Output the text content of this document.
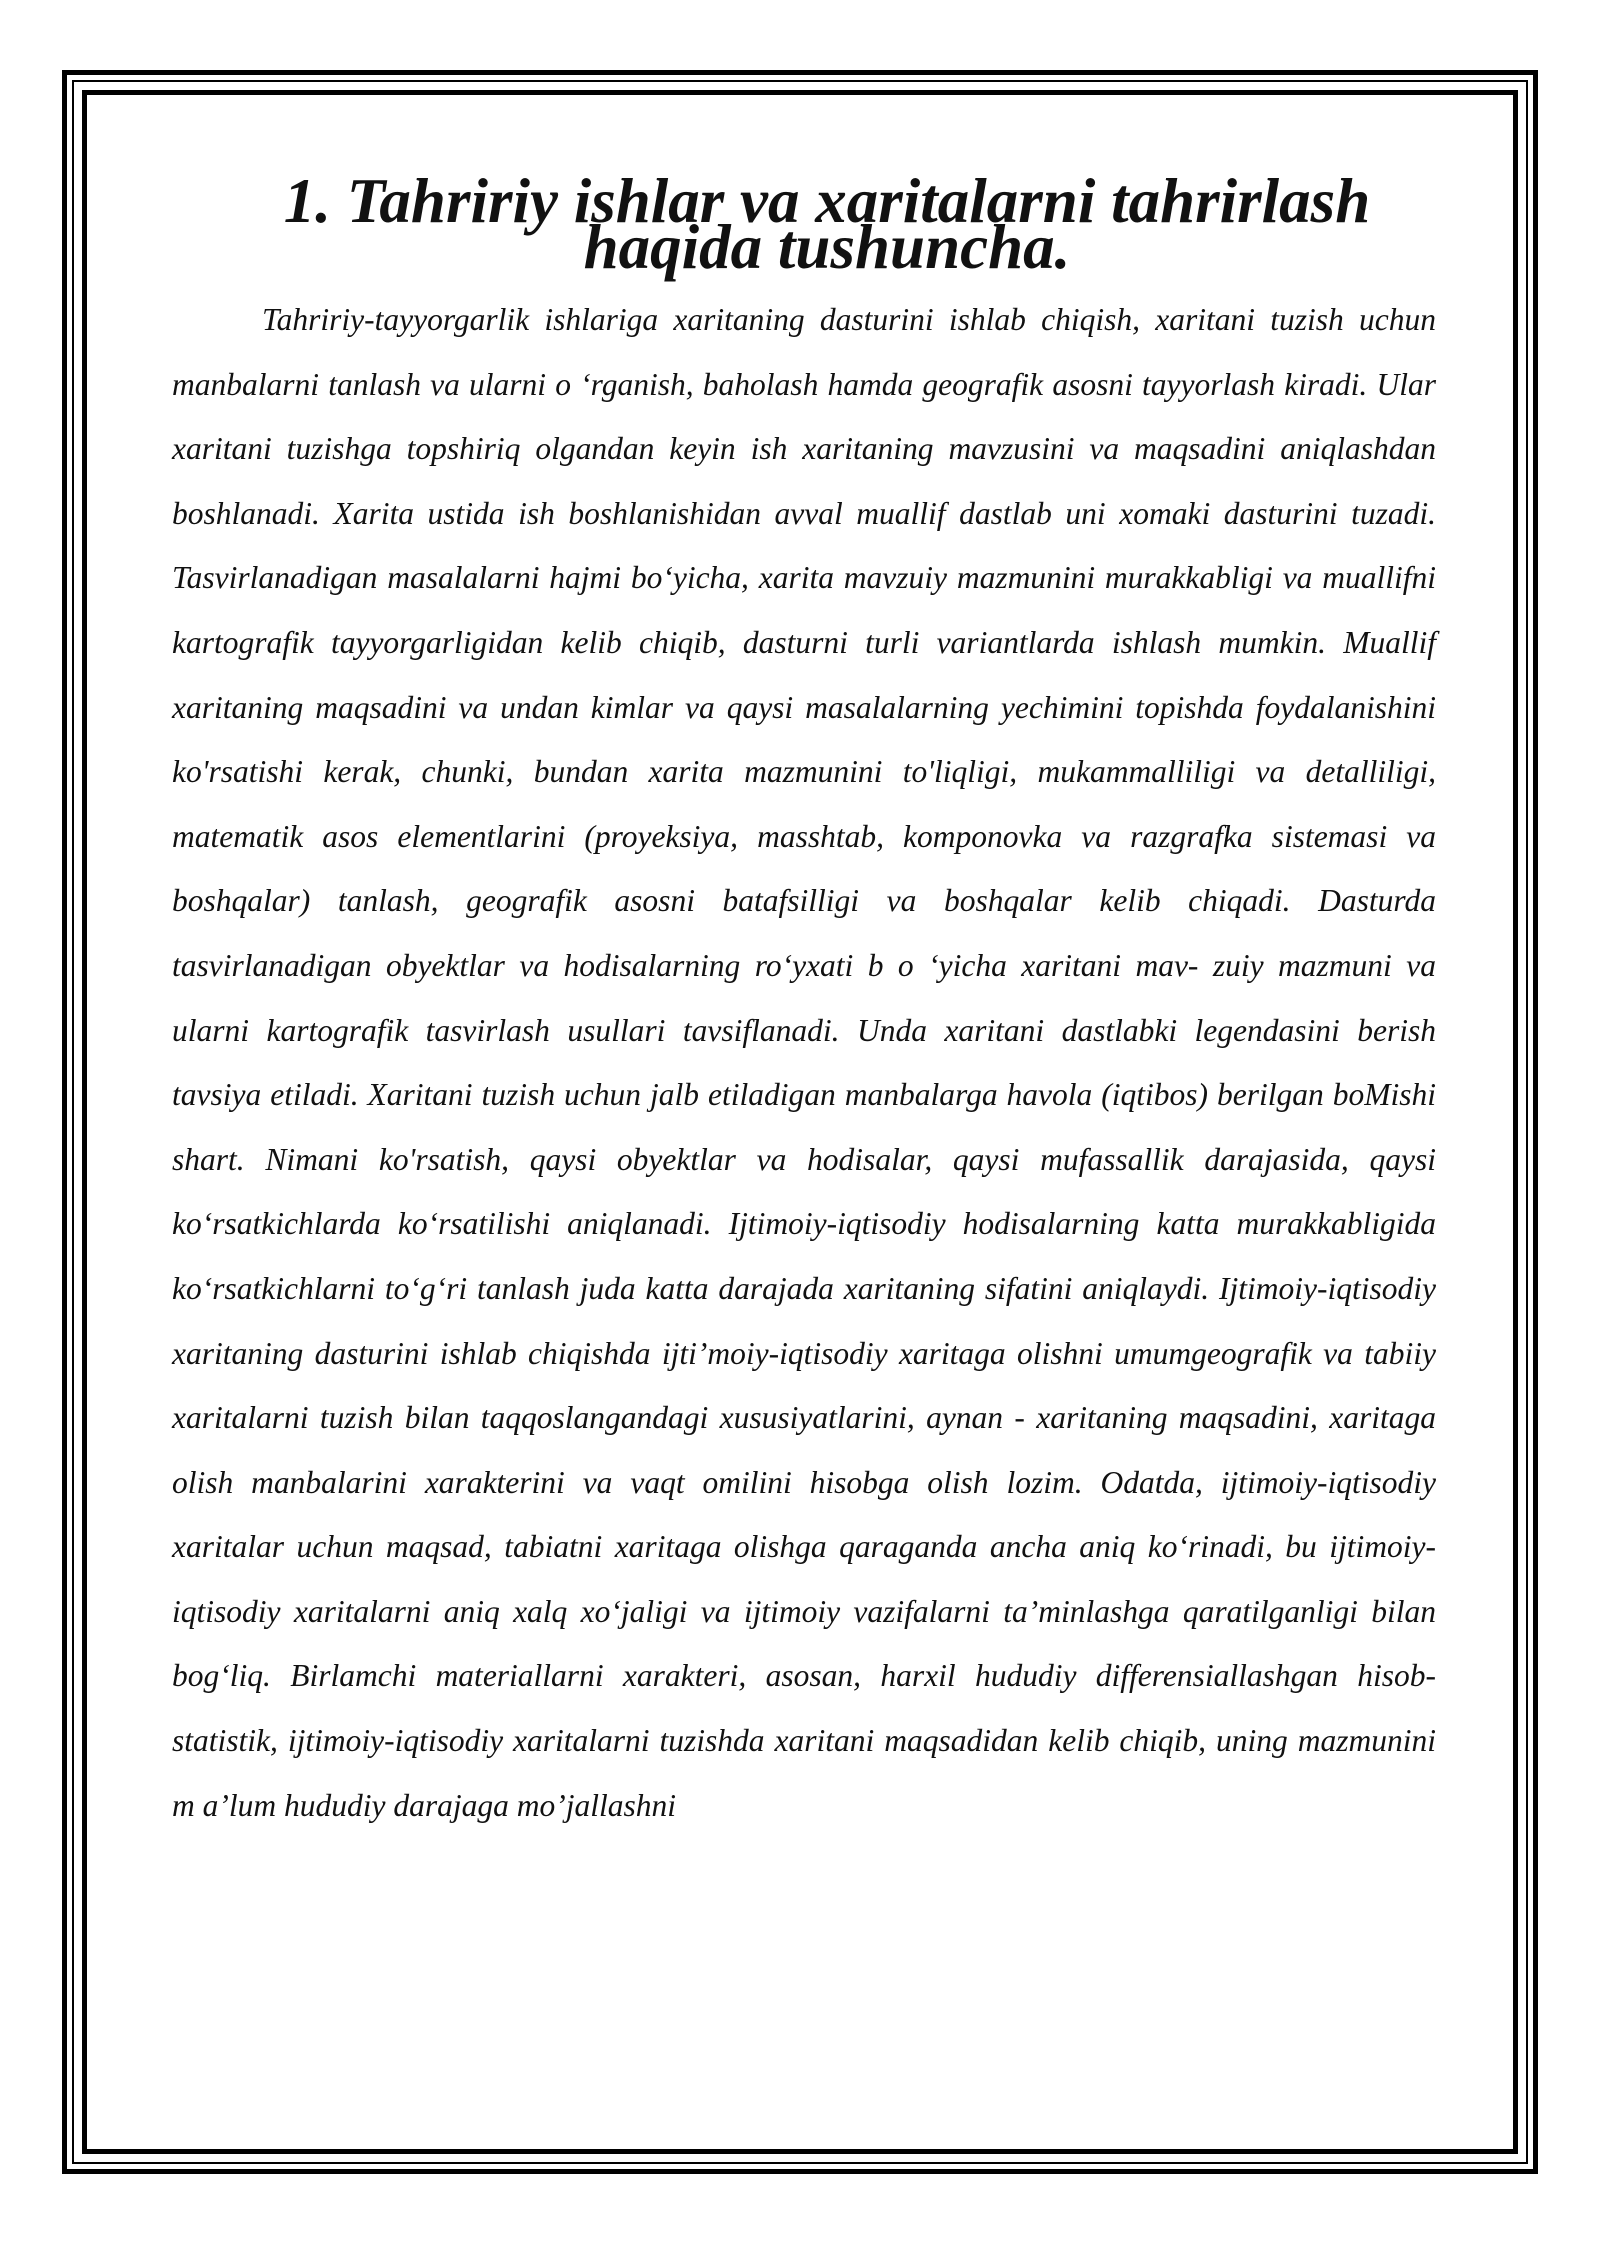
1. Tahririy ishlar va xaritalarni tahrirlash haqida tushuncha.

Tahririy-tayyorgarlik ishlariga xaritaning dasturini ishlab chiqish, xaritani tuzish uchun manbalarni tanlash va ularni o ‘rganish, baholash hamda geografik asosni tayyorlash kiradi. Ular xaritani tuzishga topshiriq olgandan keyin ish xaritaning mavzusini va maqsadini aniqlashdan boshlanadi. Xarita ustida ish boshlanishidan avval muallif dastlab uni xomaki dasturini tuzadi. Tasvirlanadigan masalalarni hajmi bo‘yicha, xarita mavzuiy mazmunini murakkabligi va muallifni kartografik tayyorgarligidan kelib chiqib, dasturni turli variantlarda ishlash mumkin. Muallif xaritaning maqsadini va undan kimlar va qaysi masalalarning yechimini topishda foydalanishini ko'rsatishi kerak, chunki, bundan xarita mazmunini to'liqligi, mukammalliligi va detalliligi, matematik asos elementlarini (proyeksiya, masshtab, komponovka va razgrafka sistemasi va boshqalar) tanlash, geografik asosni batafsilligi va boshqalar kelib chiqadi. Dasturda tasvirlanadigan obyektlar va hodisalarning ro‘yxati b o ‘yicha xaritani mav- zuiy mazmuni va ularni kartografik tasvirlash usullari tavsiflanadi. Unda xaritani dastlabki legendasini berish tavsiya etiladi. Xaritani tuzish uchun jalb etiladigan manbalarga havola (iqtibos) berilgan boMishi shart. Nimani ko'rsatish, qaysi obyektlar va hodisalar, qaysi mufassallik darajasida, qaysi ko‘rsatkichlarda ko‘rsatilishi aniqlanadi. Ijtimoiy-iqtisodiy hodisalarning katta murakkabligida ko‘rsatkichlarni to‘g‘ri tanlash juda katta darajada xaritaning sifatini aniqlaydi. Ijtimoiy-iqtisodiy xaritaning dasturini ishlab chiqishda ijti’moiy-iqtisodiy xaritaga olishni umumgeografik va tabiiy xaritalarni tuzish bilan taqqoslangandagi xususiyatlarini, aynan - xaritaning maqsadini, xaritaga olish manbalarini xarakterini va vaqt omilini hisobga olish lozim. Odatda, ijtimoiy-iqtisodiy xaritalar uchun maqsad, tabiatni xaritaga olishga qaraganda ancha aniq ko‘rinadi, bu ijtimoiy-iqtisodiy xaritalarni aniq xalq xo‘jaligi va ijtimoiy vazifalarni ta’minlashga qaratilganligi bilan bog‘liq. Birlamchi materiallarni xarakteri, asosan, harxil hududiy differensiallashgan hisob-statistik, ijtimoiy-iqtisodiy xaritalarni tuzishda xaritani maqsadidan kelib chiqib, uning mazmunini m a’lum hududiy darajaga mo’jallashni
